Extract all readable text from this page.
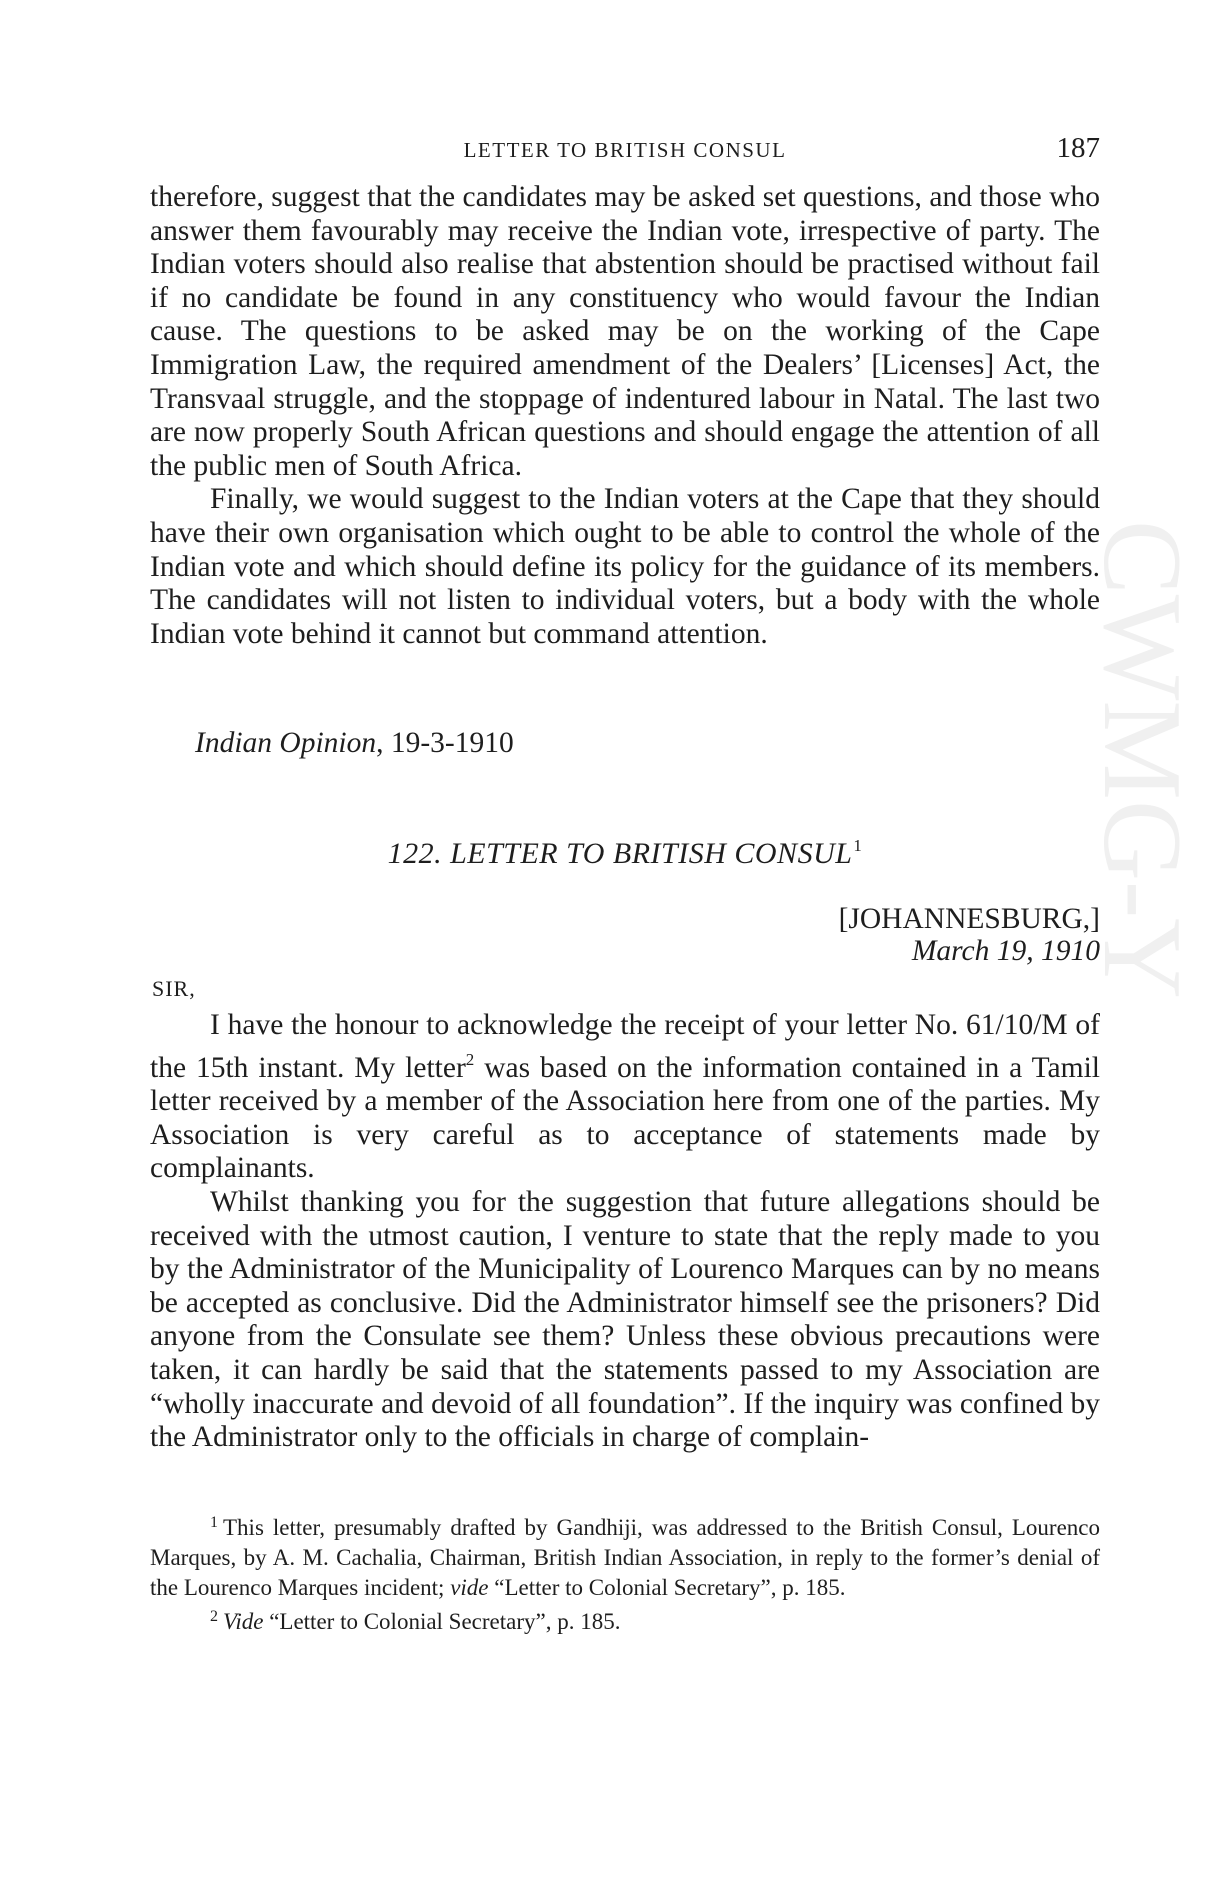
LETTER TO BRITISH CONSUL	187

therefore, suggest that the candidates may be asked set questions, and those who answer them favourably may receive the Indian vote, irrespective of party. The Indian voters should also realise that abstention should be practised without fail if no candidate be found in any constituency who would favour the Indian cause. The questions to be asked may be on the working of the Cape Immigration Law, the required amendment of the Dealers’ [Licenses] Act, the Transvaal struggle, and the stoppage of indentured labour in Natal. The last two are now properly South African questions and should engage the attention of all the public men of South Africa.

Finally, we would suggest to the Indian voters at the Cape that they should have their own organisation which ought to be able to control the whole of the Indian vote and which should define its policy for the guidance of its members. The candidates will not listen to individual voters, but a body with the whole Indian vote behind it cannot but command attention.

Indian Opinion, 19-3-1910
122. LETTER TO BRITISH CONSUL$^1$
[JOHANNESBURG,]
March 19, 1910
SIR,

I have the honour to acknowledge the receipt of your letter No. 61/10/M of the 15th instant. My letter$^2$ was based on the information contained in a Tamil letter received by a member of the Association here from one of the parties. My Association is very careful as to acceptance of statements made by complainants.

Whilst thanking you for the suggestion that future allegations should be received with the utmost caution, I venture to state that the reply made to you by the Administrator of the Municipality of Lourenco Marques can by no means be accepted as conclusive. Did the Administrator himself see the prisoners? Did anyone from the Consulate see them? Unless these obvious precautions were taken, it can hardly be said that the statements passed to my Association are “wholly inaccurate and devoid of all foundation”. If the inquiry was confined by the Administrator only to the officials in charge of complain-

$^1$ This letter, presumably drafted by Gandhiji, was addressed to the British Consul, Lourenco Marques, by A. M. Cachalia, Chairman, British Indian Association, in reply to the former’s denial of the Lourenco Marques incident; vide “Letter to Colonial Secretary”, p. 185.

$^2$ Vide “Letter to Colonial Secretary”, p. 185.

CWMG-Y
